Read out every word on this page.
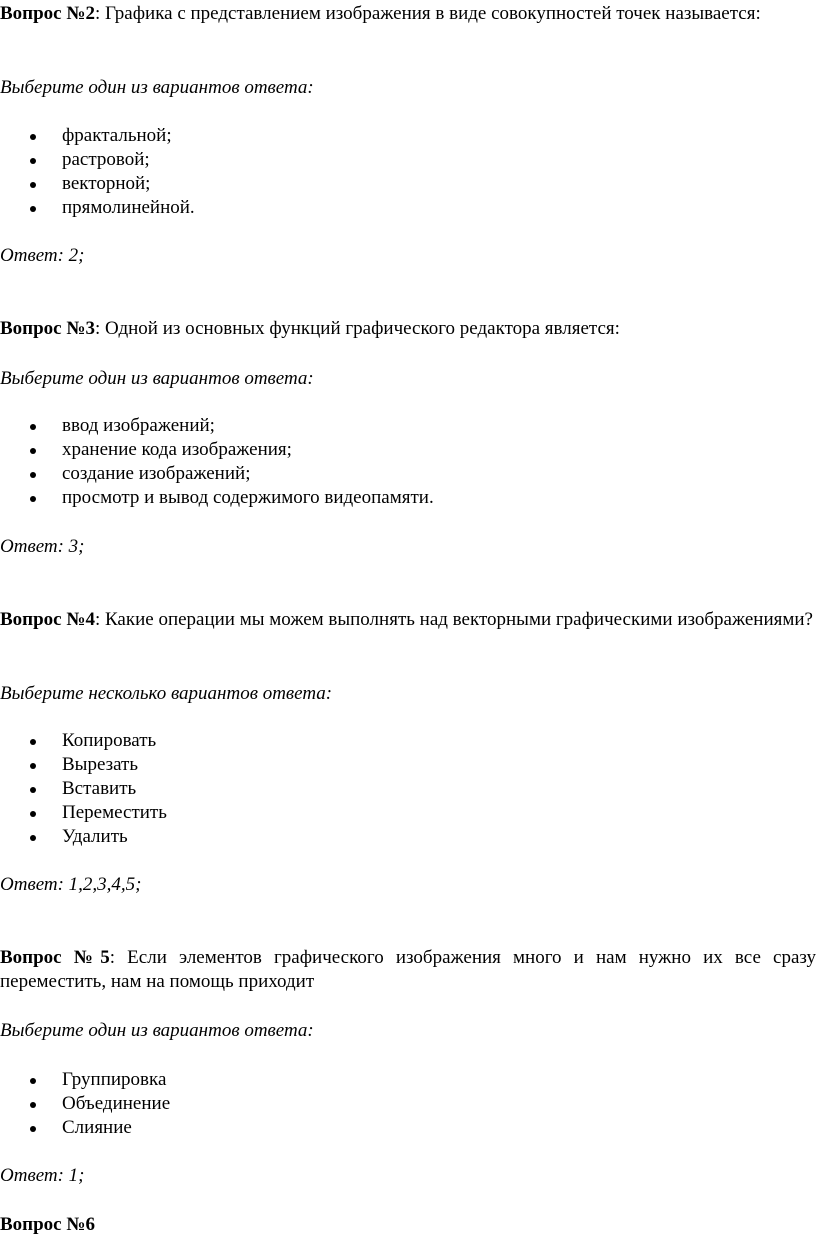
Вопрос №2: Графика с представлением изображения в виде совокупностей точек называется:
Выберите один из вариантов ответа:
фрактальной;
растровой;
векторной;
прямолинейной.
Ответ: 2;
Вопрос №3: Одной из основных функций графического редактора является:
Выберите один из вариантов ответа:
ввод изображений;
хранение кода изображения;
создание изображений;
просмотр и вывод содержимого видеопамяти.
Ответ: 3;
Вопрос №4: Какие операции мы можем выполнять над векторными графическими изображениями?
Выберите несколько вариантов ответа:
Копировать
Вырезать
Вставить
Переместить
Удалить
Ответ: 1,2,3,4,5;
Вопрос №5: Если элементов графического изображения много и нам нужно их все сразу переместить, нам на помощь приходит
Выберите один из вариантов ответа:
Группировка
Объединение
Слияние
Ответ: 1;
Вопрос №6
